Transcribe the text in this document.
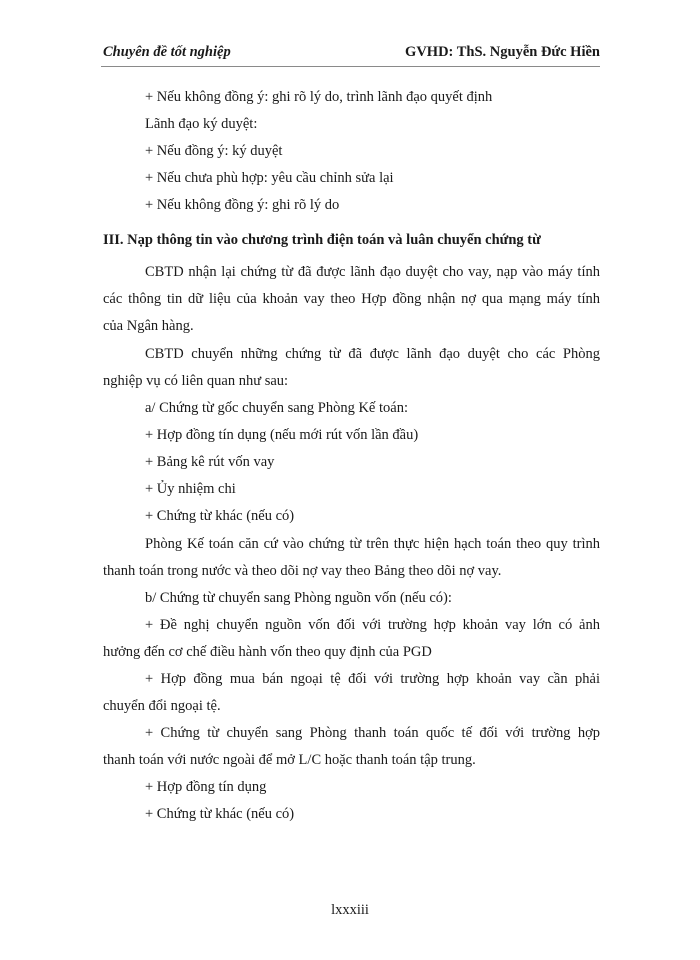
Chuyên đề tốt nghiệp	GVHD: ThS. Nguyễn Đức Hiền
+ Nếu không đồng ý: ghi rõ lý do, trình lãnh đạo quyết định
Lãnh đạo ký duyệt:
+ Nếu đồng ý: ký duyệt
+ Nếu chưa phù hợp: yêu cầu chỉnh sửa lại
+ Nếu không đồng ý: ghi rõ lý do
III. Nạp thông tin vào chương trình điện toán và luân chuyển chứng từ
CBTD nhận lại chứng từ đã được lãnh đạo duyệt cho vay, nạp vào máy tính
các thông tin dữ liệu của khoản vay theo Hợp đồng nhận nợ qua mạng máy tính
của Ngân hàng.
CBTD chuyển những chứng từ đã được lãnh đạo duyệt cho các Phòng
nghiệp vụ có liên quan như sau:
a/ Chứng từ gốc chuyển sang Phòng Kế toán:
+ Hợp đồng tín dụng (nếu mới rút vốn lần đầu)
+ Bảng kê rút vốn vay
+ Ủy nhiệm chi
+ Chứng từ khác (nếu có)
Phòng Kế toán căn cứ vào chứng từ trên thực hiện hạch toán theo quy trình
thanh toán trong nước và theo dõi nợ vay theo Bảng theo dõi nợ vay.
b/ Chứng từ chuyển sang Phòng nguồn vốn (nếu có):
+ Đề nghị chuyển nguồn vốn đối với trường hợp khoản vay lớn có ảnh
hưởng đến cơ chế điều hành vốn theo quy định của PGD
+ Hợp đồng mua bán ngoại tệ đối với trường hợp khoản vay cần phải
chuyển đổi ngoại tệ.
+ Chứng từ chuyển sang Phòng thanh toán quốc tế đối với trường hợp
thanh toán với nước ngoài để mở L/C hoặc thanh toán tập trung.
+ Hợp đồng tín dụng
+ Chứng từ khác (nếu có)
lxxxiii
